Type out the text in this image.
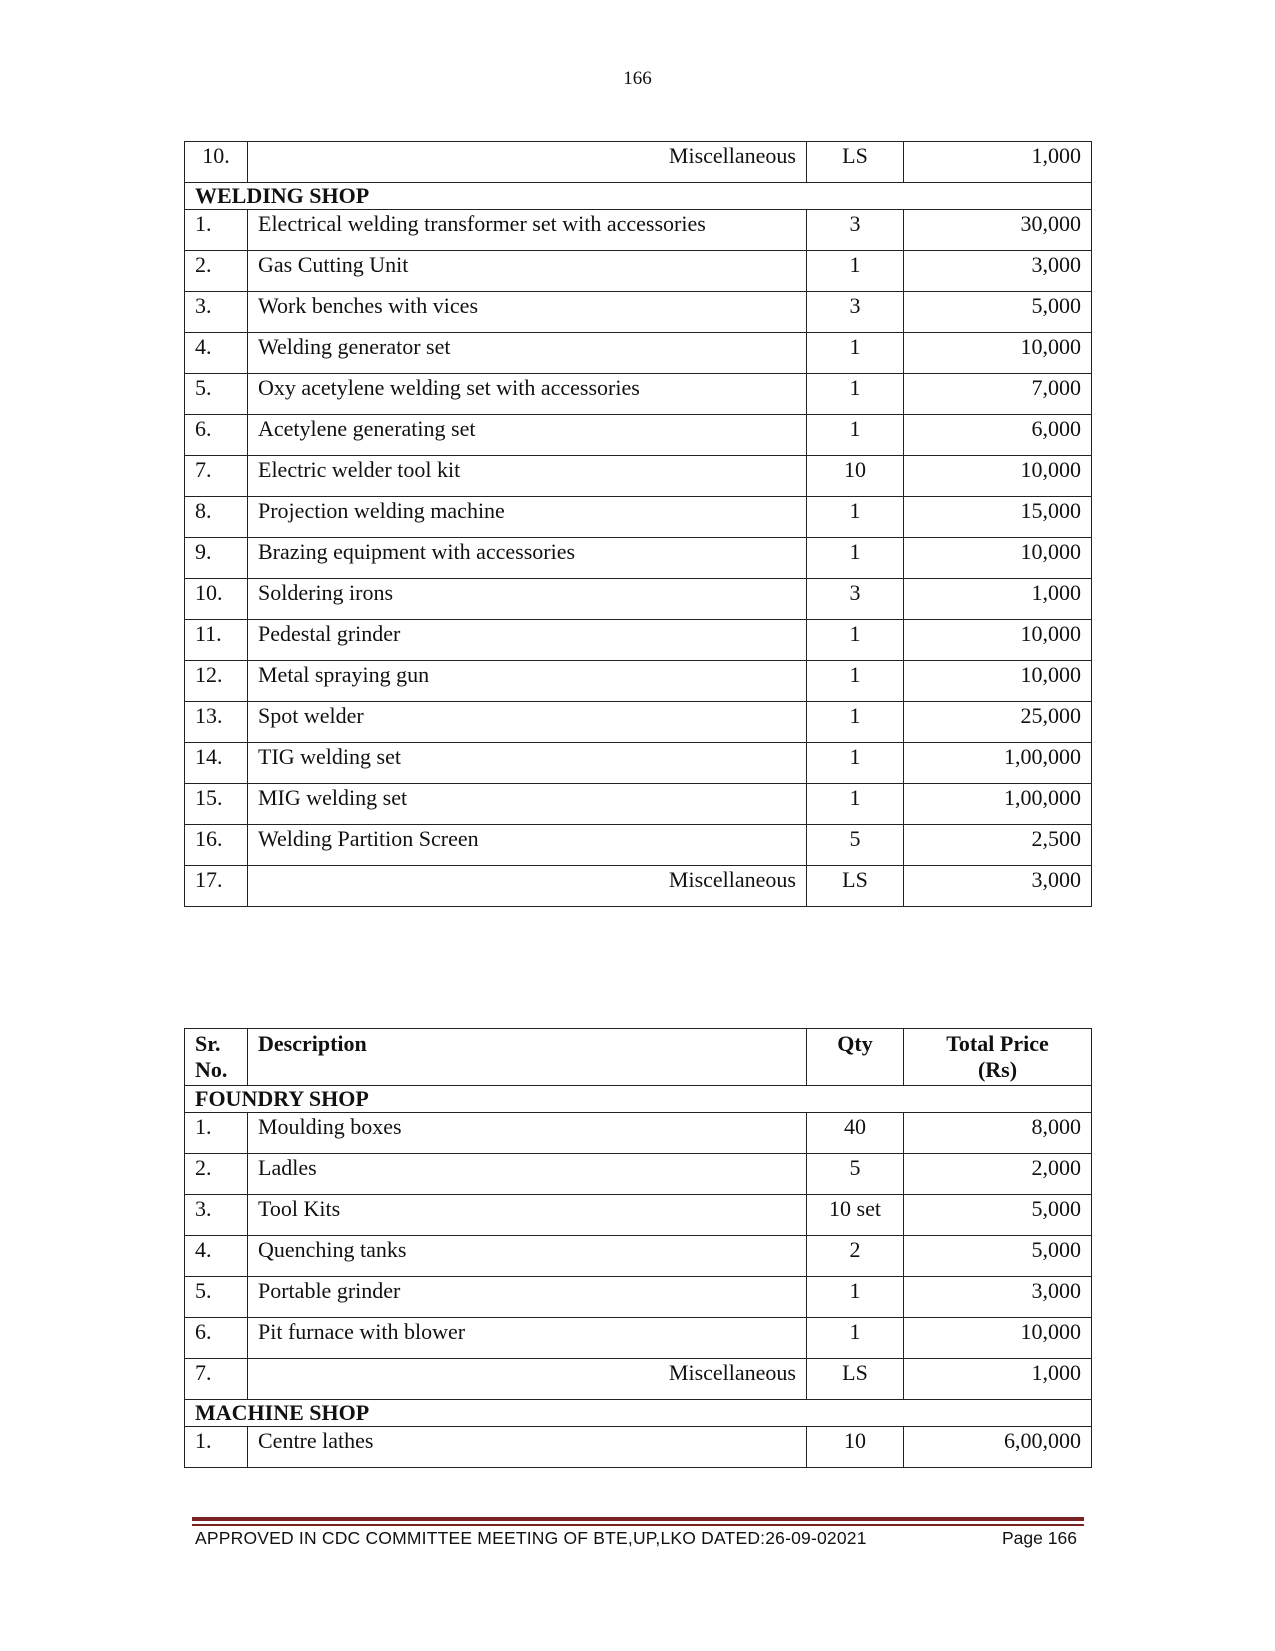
166
10.	Miscellaneous	LS	1,000
WELDING SHOP			
1.	Electrical welding transformer set with accessories	3	30,000
2.	Gas Cutting Unit	1	3,000
3.	Work benches with vices	3	5,000
4.	Welding generator set	1	10,000
5.	Oxy acetylene welding set with accessories	1	7,000
6.	Acetylene generating set	1	6,000
7.	Electric welder tool kit	10	10,000
8.	Projection welding machine	1	15,000
9.	Brazing equipment with accessories	1	10,000
10.	Soldering irons	3	1,000
11.	Pedestal grinder	1	10,000
12.	Metal spraying gun	1	10,000
13.	Spot welder	1	25,000
14.	TIG welding set	1	1,00,000
15.	MIG welding set	1	1,00,000
16.	Welding Partition Screen	5	2,500
17.	Miscellaneous	LS	3,000
Sr.
No.	Description	Qty	Total Price
(Rs)
FOUNDRY SHOP			
1.	Moulding boxes	40	8,000
2.	Ladles	5	2,000
3.	Tool Kits	10 set	5,000
4.	Quenching tanks	2	5,000
5.	Portable grinder	1	3,000
6.	Pit furnace with blower	1	10,000
7.	Miscellaneous	LS	1,000
MACHINE SHOP			
1.	Centre lathes	10	6,00,000
APPROVED IN CDC COMMITTEE MEETING OF BTE,UP,LKO DATED:26-09-02021	Page 166
